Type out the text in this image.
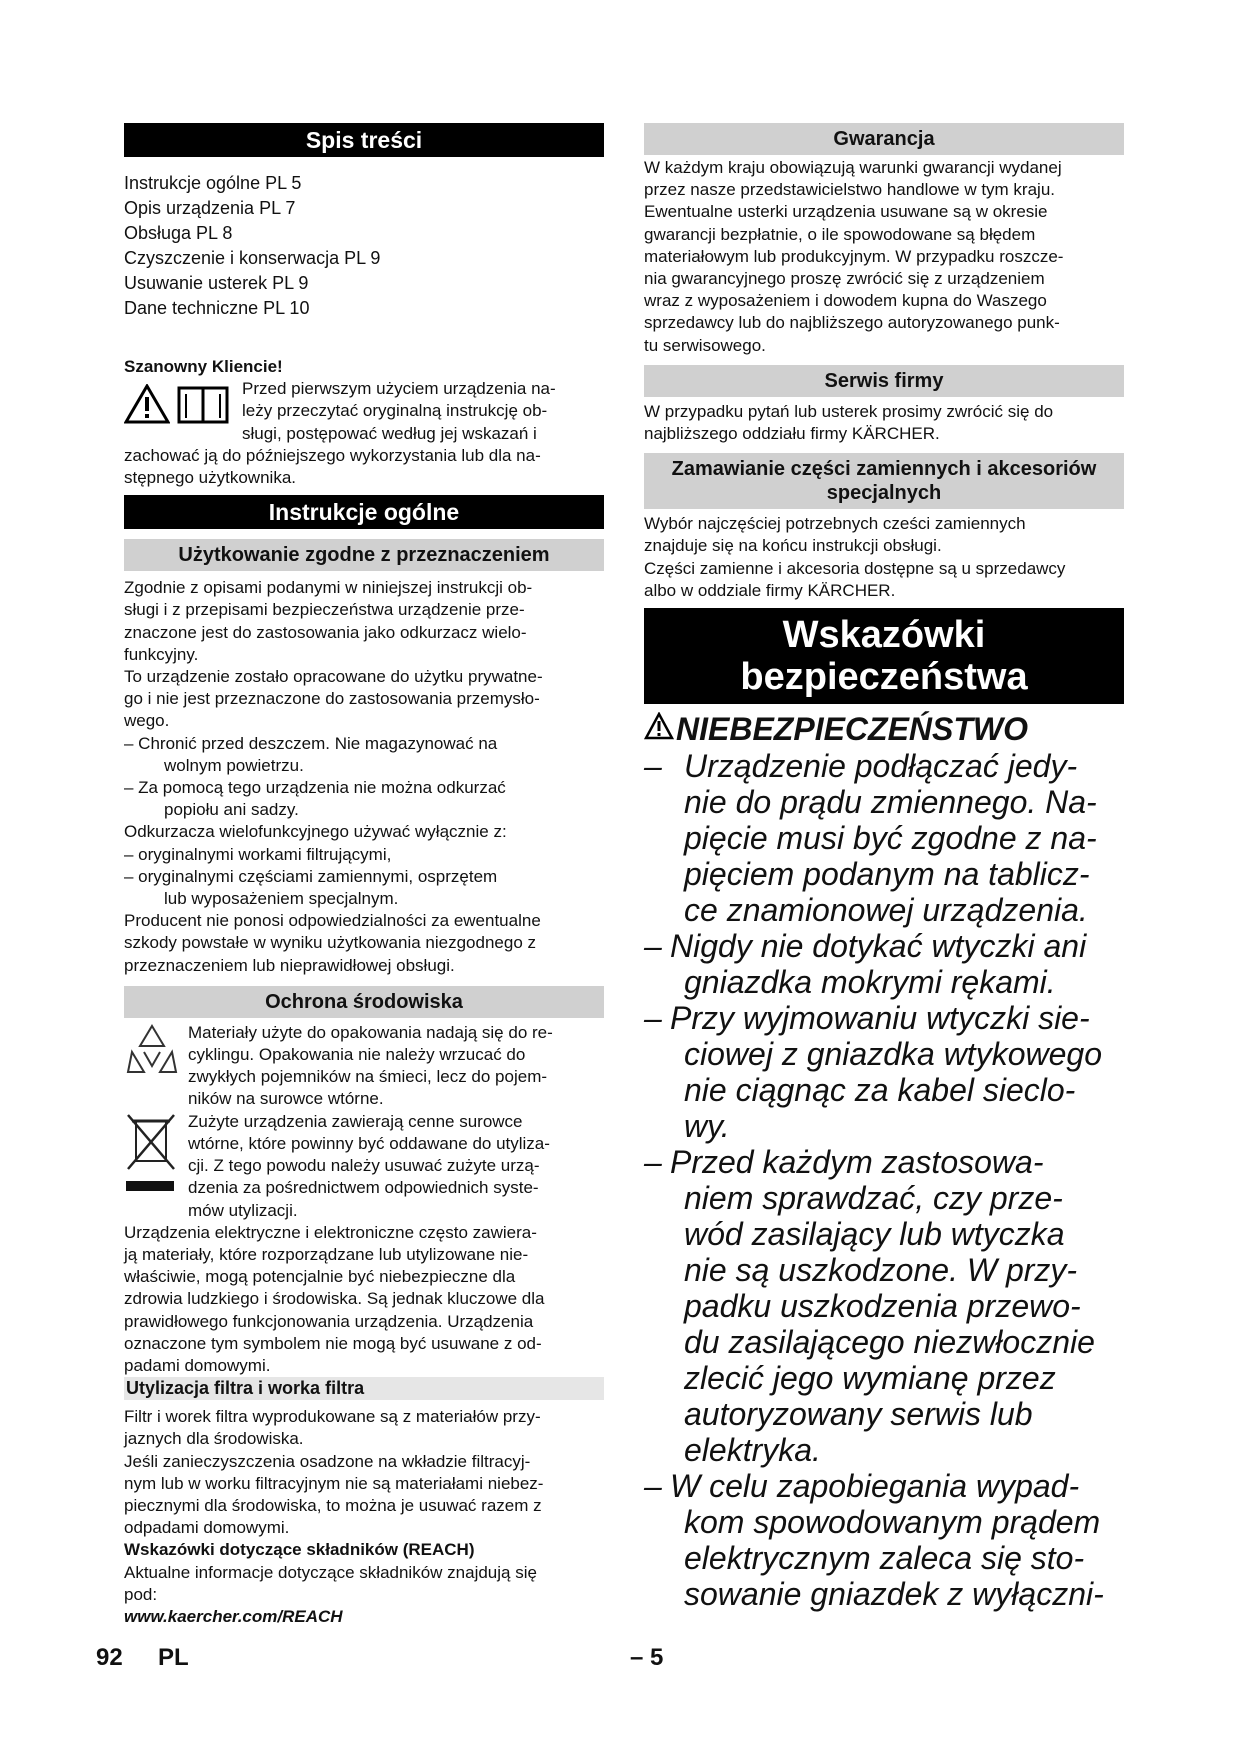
Spis treści
Instrukcje ogólne PL 5
Opis urządzenia PL 7
Obsługa PL 8
Czyszczenie i konserwacja PL 9
Usuwanie usterek PL 9
Dane techniczne PL 10
Szanowny Kliencie!
Przed pierwszym użyciem urządzenia na-
leży przeczytać oryginalną instrukcję ob-
sługi, postępować według jej wskazań i
zachować ją do późniejszego wykorzystania lub dla na-
stępnego użytkownika.
Instrukcje ogólne
Użytkowanie zgodne z przeznaczeniem
Zgodnie z opisami podanymi w niniejszej instrukcji ob-
sługi i z przepisami bezpieczeństwa urządzenie prze-
znaczone jest do zastosowania jako odkurzacz wielo-
funkcyjny.
To urządzenie zostało opracowane do użytku prywatne-
go i nie jest przeznaczone do zastosowania przemysło-
wego.
– Chronić przed deszczem. Nie magazynować na
wolnym powietrzu.
– Za pomocą tego urządzenia nie można odkurzać
popiołu ani sadzy.
Odkurzacza wielofunkcyjnego używać wyłącznie z:
– oryginalnymi workami filtrującymi,
– oryginalnymi częściami zamiennymi, osprzętem
lub wyposażeniem specjalnym.
Producent nie ponosi odpowiedzialności za ewentualne
szkody powstałe w wyniku użytkowania niezgodnego z
przeznaczeniem lub nieprawidłowej obsługi.
Ochrona środowiska
Materiały użyte do opakowania nadają się do re-
cyklingu. Opakowania nie należy wrzucać do
zwykłych pojemników na śmieci, lecz do pojem-
ników na surowce wtórne.
Zużyte urządzenia zawierają cenne surowce
wtórne, które powinny być oddawane do utyliza-
cji. Z tego powodu należy usuwać zużyte urzą-
dzenia za pośrednictwem odpowiednich syste-
mów utylizacji.
Urządzenia elektryczne i elektroniczne często zawiera-
ją materiały, które rozporządzane lub utylizowane nie-
właściwie, mogą potencjalnie być niebezpieczne dla
zdrowia ludzkiego i środowiska. Są jednak kluczowe dla
prawidłowego funkcjonowania urządzenia. Urządzenia
oznaczone tym symbolem nie mogą być usuwane z od-
padami domowymi.
Utylizacja filtra i worka filtra
Filtr i worek filtra wyprodukowane są z materiałów przy-
jaznych dla środowiska.
Jeśli zanieczyszczenia osadzone na wkładzie filtracyj-
nym lub w worku filtracyjnym nie są materiałami niebez-
piecznymi dla środowiska, to można je usuwać razem z
odpadami domowymi.
Wskazówki dotyczące składników (REACH)
Aktualne informacje dotyczące składników znajdują się
pod:
www.kaercher.com/REACH
Gwarancja
W każdym kraju obowiązują warunki gwarancji wydanej
przez nasze przedstawicielstwo handlowe w tym kraju.
Ewentualne usterki urządzenia usuwane są w okresie
gwarancji bezpłatnie, o ile spowodowane są błędem
materiałowym lub produkcyjnym. W przypadku roszcze-
nia gwarancyjnego proszę zwrócić się z urządzeniem
wraz z wyposażeniem i dowodem kupna do Waszego
sprzedawcy lub do najbliższego autoryzowanego punk-
tu serwisowego.
Serwis firmy
W przypadku pytań lub usterek prosimy zwrócić się do
najbliższego oddziału firmy KÄRCHER.
Zamawianie części zamiennych i akcesoriów
specjalnych
Wybór najczęściej potrzebnych cześci zamiennych
znajduje się na końcu instrukcji obsługi.
Części zamienne i akcesoria dostępne są u sprzedawcy
albo w oddziale firmy KÄRCHER.
Wskazówki
bezpieczeństwa
NIEBEZPIECZEŃSTWO
– Urządzenie podłączać jedy-
nie do prądu zmiennego. Na-
pięcie musi być zgodne z na-
pięciem podanym na tablicz-
ce znamionowej urządzenia.
– Nigdy nie dotykać wtyczki ani
gniazdka mokrymi rękami.
– Przy wyjmowaniu wtyczki sie-
ciowej z gniazdka wtykowego
nie ciągnąc za kabel sieclo-
wy.
– Przed każdym zastosowa-
niem sprawdzać, czy prze-
wód zasilający lub wtyczka
nie są uszkodzone. W przy-
padku uszkodzenia przewo-
du zasilającego niezwłocznie
zlecić jego wymianę przez
autoryzowany serwis lub
elektryka.
– W celu zapobiegania wypad-
kom spowodowanym prądem
elektrycznym zaleca się sto-
sowanie gniazdek z wyłączni-
92 PL	– 5
